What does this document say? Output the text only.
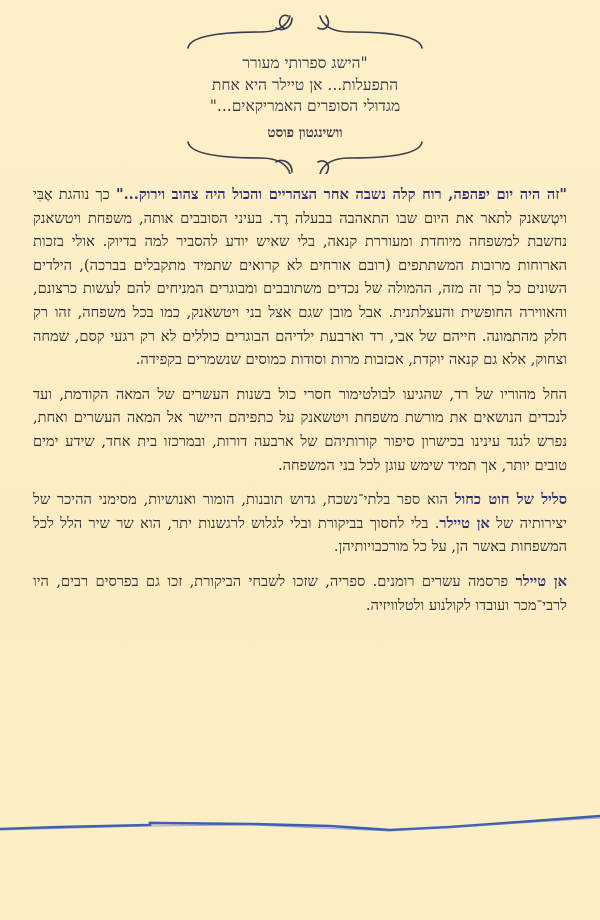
"הישג ספרותי מעורר
התפעלות... אן טיילר היא אחת
מגדולי הסופרים האמריקאים..."
וושינגטון פוסט

"זה היה יום יפהפה, רוח קלה נשבה אחר הצהריים והכול היה צהוב וירוק..." כך נוהגת אֶבִּי ויטְשאנק לתאר את היום שבו התאהבה בבעלה רֶד. בעיני הסובבים אותה, משפחת ויטשאנק נחשבת למשפחה מיוחדת ומעוררת קנאה, בלי שאיש יודע להסביר למה בדיוק. אולי בזכות הארוחות מרובות המשתתפים (רובם אורחים לא קרואים שתמיד מתקבלים בברכה), הילדים השונים כל כך זה מזה, ההמולה של נכדים משתובבים ומבוגרים המניחים להם לעשות כרצונם, והאווירה החופשית והעצלתנית. אבל מובן שגם אצל בני ויטשאנק, כמו בכל משפחה, זהו רק חלק מהתמונה. חייהם של אבי, רד וארבעת ילדיהם הבוגרים כוללים לא רק רגעי קסם, שמחה וצחוק, אלא גם קנאה יוקדת, אכזבות מרות וסודות כמוסים שנשמרים בקפידה.

החל מהוריו של רד, שהגיעו לבולטימור חסרי כול בשנות העשרים של המאה הקודמת, ועד לנכדים הנושאים את מורשת משפחת ויטשאנק על כתפיהם היישר אל המאה העשרים ואחת, נפרש לנגד עינינו בכישרון סיפור קורותיהם של ארבעה דורות, ובמרכזו בית אחד, שידע ימים טובים יותר, אך תמיד שימש עוגן לכל בני המשפחה.

סליל של חוט כחול הוא ספר בלתי־נשכח, גדוש תובנות, הומור ואנושיות, מסימני ההיכר של יצירותיה של אן טיילר. בלי לחסוך בביקורת ובלי לגלוש לרגשנות יתר, הוא שר שיר הלל לכל המשפחות באשר הן, על כל מורכבויותיהן.

אן טיילר פרסמה עשרים רומנים. ספריה, שזכו לשבחי הביקורת, זכו גם בפרסים רבים, היו לרבי־מכר ועובדו לקולנוע ולטלוויזיה.
